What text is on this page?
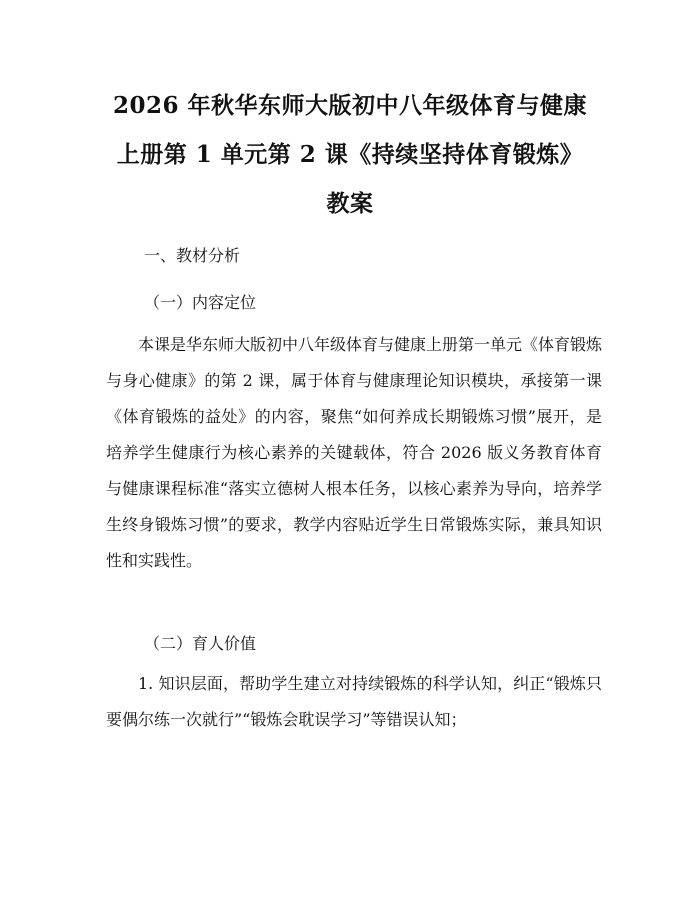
2026 年秋华东师大版初中八年级体育与健康
上册第 1 单元第 2 课《持续坚持体育锻炼》
教案
一、教材分析
（一）内容定位

本课是华东师大版初中八年级体育与健康上册第一单元《体育锻炼与身心健康》的第 2 课，属于体育与健康理论知识模块，承接第一课《体育锻炼的益处》的内容，聚焦“如何养成长期锻炼习惯”展开，是培养学生健康行为核心素养的关键载体，符合 2026 版义务教育体育与健康课程标准“落实立德树人根本任务，以核心素养为导向，培养学生终身锻炼习惯”的要求，教学内容贴近学生日常锻炼实际，兼具知识性和实践性。

（二）育人价值

1. 知识层面，帮助学生建立对持续锻炼的科学认知，纠正“锻炼只要偶尔练一次就行”“锻炼会耽误学习”等错误认知；
